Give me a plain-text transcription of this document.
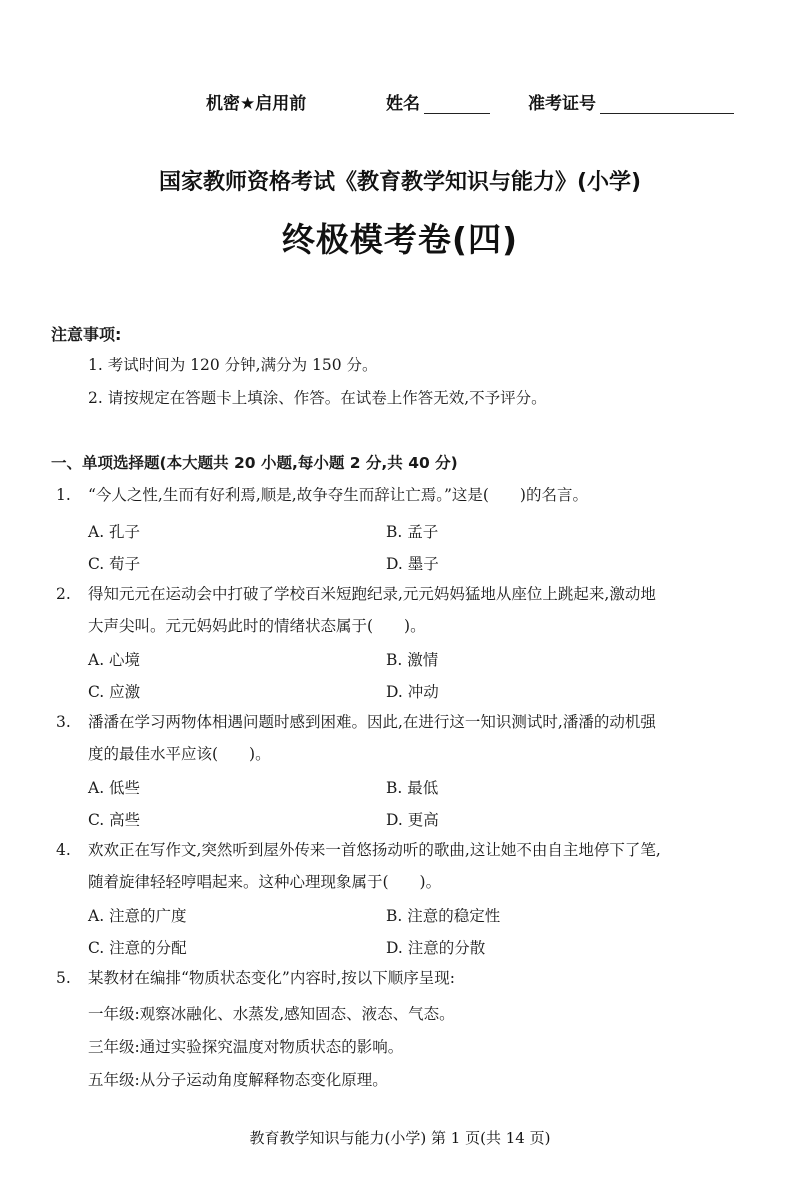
机密★启用前	姓名	准考证号
国家教师资格考试《教育教学知识与能力》(小学)
终极模考卷(四)
注意事项:
1. 考试时间为 120 分钟,满分为 150 分。
2. 请按规定在答题卡上填涂、作答。在试卷上作答无效,不予评分。
一、单项选择题(本大题共 20 小题,每小题 2 分,共 40 分)
1. “今人之性,生而有好利焉,顺是,故争夺生而辞让亡焉。”这是(　　)的名言。
A. 孔子	B. 孟子
C. 荀子	D. 墨子
2. 得知元元在运动会中打破了学校百米短跑纪录,元元妈妈猛地从座位上跳起来,激动地
大声尖叫。元元妈妈此时的情绪状态属于(　　)。
A. 心境	B. 激情
C. 应激	D. 冲动
3. 潘潘在学习两物体相遇问题时感到困难。因此,在进行这一知识测试时,潘潘的动机强
度的最佳水平应该(　　)。
A. 低些	B. 最低
C. 高些	D. 更高
4. 欢欢正在写作文,突然听到屋外传来一首悠扬动听的歌曲,这让她不由自主地停下了笔,
随着旋律轻轻哼唱起来。这种心理现象属于(　　)。
A. 注意的广度	B. 注意的稳定性
C. 注意的分配	D. 注意的分散
5. 某教材在编排“物质状态变化”内容时,按以下顺序呈现:
一年级:观察冰融化、水蒸发,感知固态、液态、气态。
三年级:通过实验探究温度对物质状态的影响。
五年级:从分子运动角度解释物态变化原理。
教育教学知识与能力(小学) 第 1 页(共 14 页)
